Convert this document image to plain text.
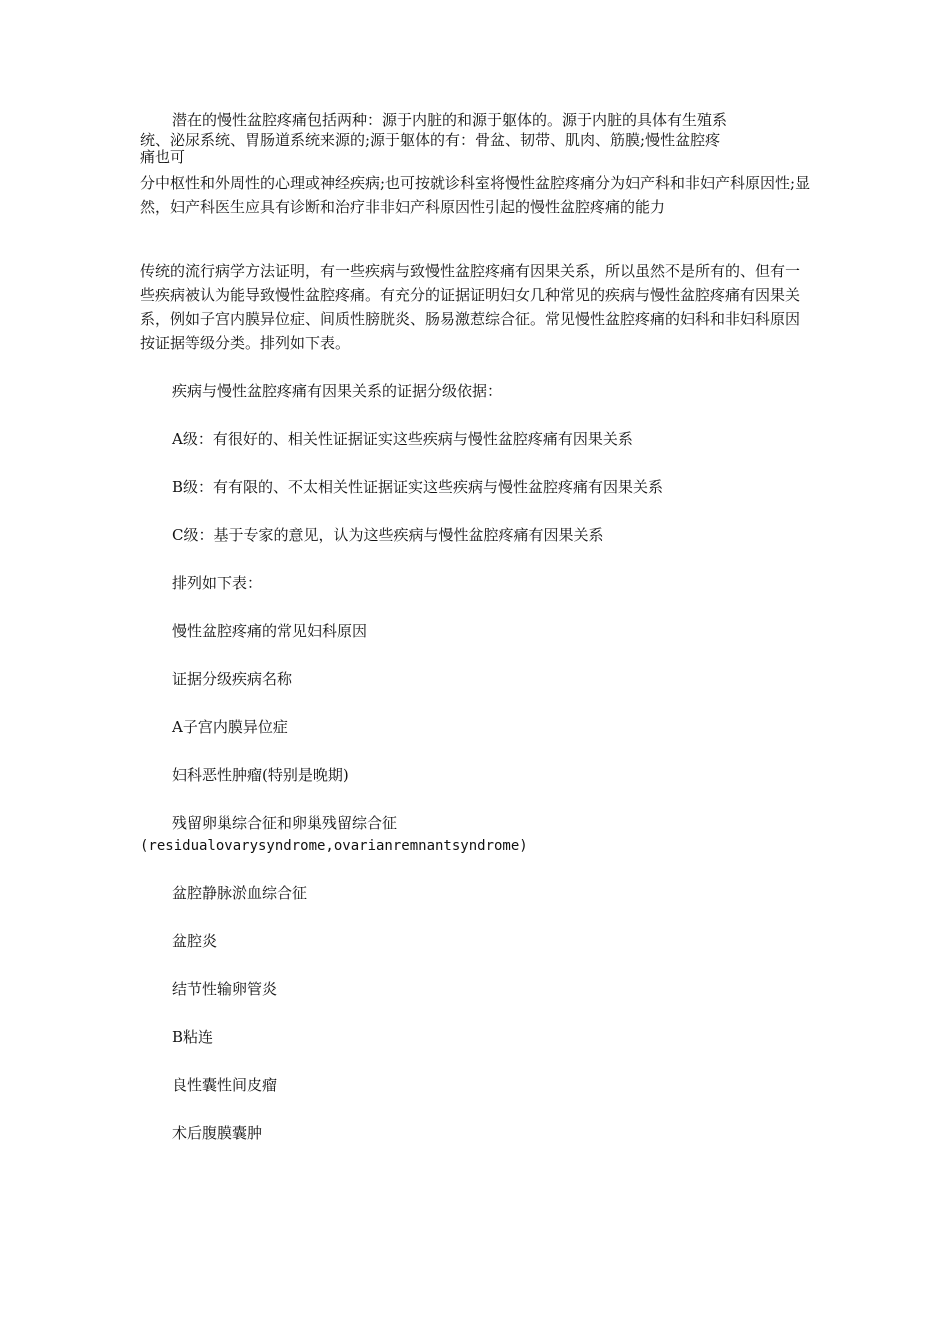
潜在的慢性盆腔疼痛包括两种：源于内脏的和源于躯体的。源于内脏的具体有生殖系

统、泌尿系统、胃肠道系统来源的;源于躯体的有：骨盆、韧带、肌肉、筋膜;慢性盆腔疼

痛也可

分中枢性和外周性的心理或神经疾病;也可按就诊科室将慢性盆腔疼痛分为妇产科和非妇产科原因性;显然，妇产科医生应具有诊断和治疗非非妇产科原因性引起的慢性盆腔疼痛的能力

传统的流行病学方法证明，有一些疾病与致慢性盆腔疼痛有因果关系，所以虽然不是所有的、但有一些疾病被认为能导致慢性盆腔疼痛。有充分的证据证明妇女几种常见的疾病与慢性盆腔疼痛有因果关系，例如子宫内膜异位症、间质性膀胱炎、肠易激惹综合征。常见慢性盆腔疼痛的妇科和非妇科原因按证据等级分类。排列如下表。

疾病与慢性盆腔疼痛有因果关系的证据分级依据：

A级：有很好的、相关性证据证实这些疾病与慢性盆腔疼痛有因果关系

B级：有有限的、不太相关性证据证实这些疾病与慢性盆腔疼痛有因果关系

C级：基于专家的意见，认为这些疾病与慢性盆腔疼痛有因果关系

排列如下表：

慢性盆腔疼痛的常见妇科原因

证据分级疾病名称

A子宫内膜异位症

妇科恶性肿瘤(特别是晚期)

残留卵巢综合征和卵巢残留综合征

(residualovarysyndrome,ovarianremnantsyndrome)

盆腔静脉淤血综合征

盆腔炎

结节性输卵管炎

B粘连

良性囊性间皮瘤

术后腹膜囊肿
